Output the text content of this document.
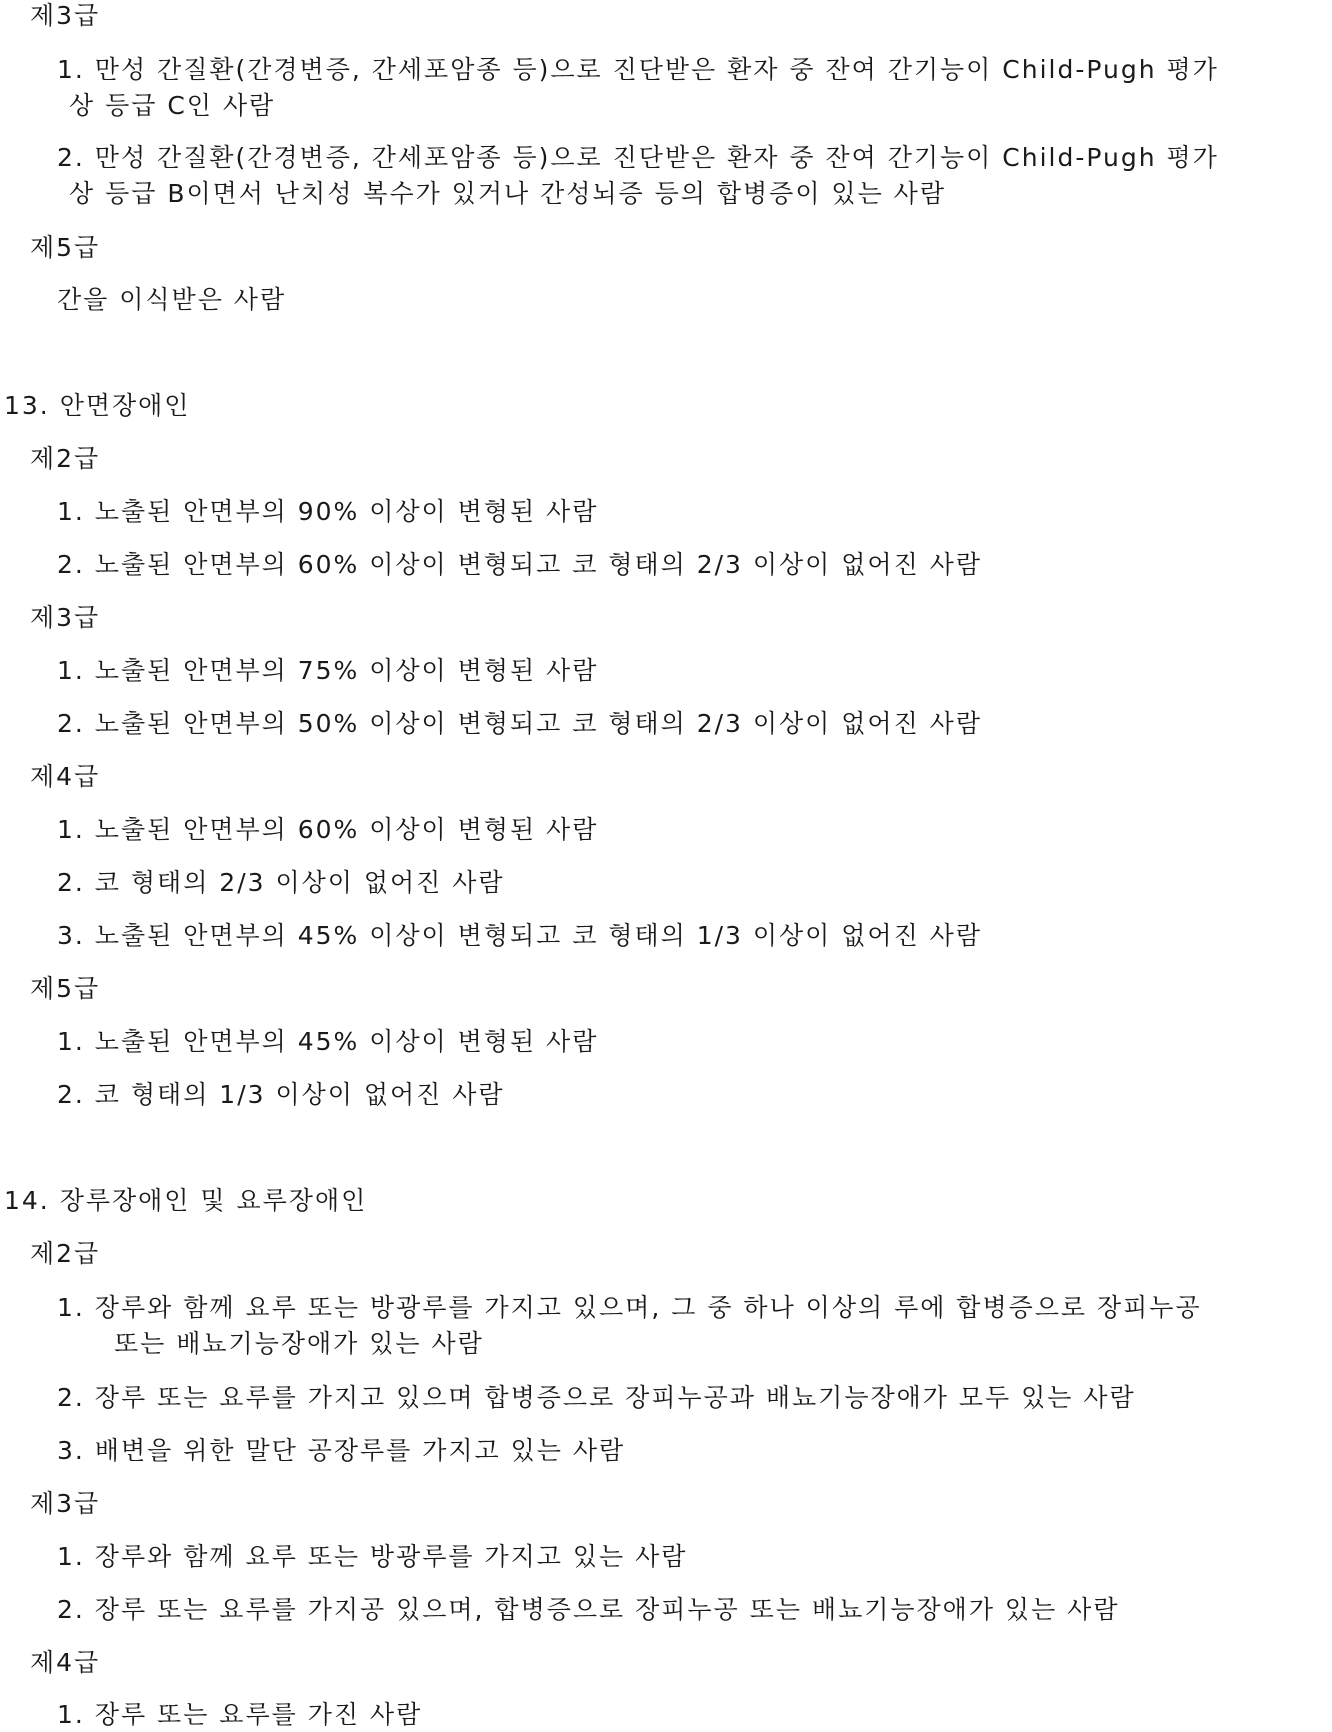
제3급
1. 만성 간질환(간경변증, 간세포암종 등)으로 진단받은 환자 중 잔여 간기능이 Child-Pugh 평가
상 등급 C인 사람
2. 만성 간질환(간경변증, 간세포암종 등)으로 진단받은 환자 중 잔여 간기능이 Child-Pugh 평가
상 등급 B이면서 난치성 복수가 있거나 간성뇌증 등의 합병증이 있는 사람
제5급
간을 이식받은 사람
13. 안면장애인
제2급
1. 노출된 안면부의 90% 이상이 변형된 사람
2. 노출된 안면부의 60% 이상이 변형되고 코 형태의 2/3 이상이 없어진 사람
제3급
1. 노출된 안면부의 75% 이상이 변형된 사람
2. 노출된 안면부의 50% 이상이 변형되고 코 형태의 2/3 이상이 없어진 사람
제4급
1. 노출된 안면부의 60% 이상이 변형된 사람
2. 코 형태의 2/3 이상이 없어진 사람
3. 노출된 안면부의 45% 이상이 변형되고 코 형태의 1/3 이상이 없어진 사람
제5급
1. 노출된 안면부의 45% 이상이 변형된 사람
2. 코 형태의 1/3 이상이 없어진 사람
14. 장루장애인 및 요루장애인
제2급
1. 장루와 함께 요루 또는 방광루를 가지고 있으며, 그 중 하나 이상의 루에 합병증으로 장피누공
또는 배뇨기능장애가 있는 사람
2. 장루 또는 요루를 가지고 있으며 합병증으로 장피누공과 배뇨기능장애가 모두 있는 사람
3. 배변을 위한 말단 공장루를 가지고 있는 사람
제3급
1. 장루와 함께 요루 또는 방광루를 가지고 있는 사람
2. 장루 또는 요루를 가지공 있으며, 합병증으로 장피누공 또는 배뇨기능장애가 있는 사람
제4급
1. 장루 또는 요루를 가진 사람
